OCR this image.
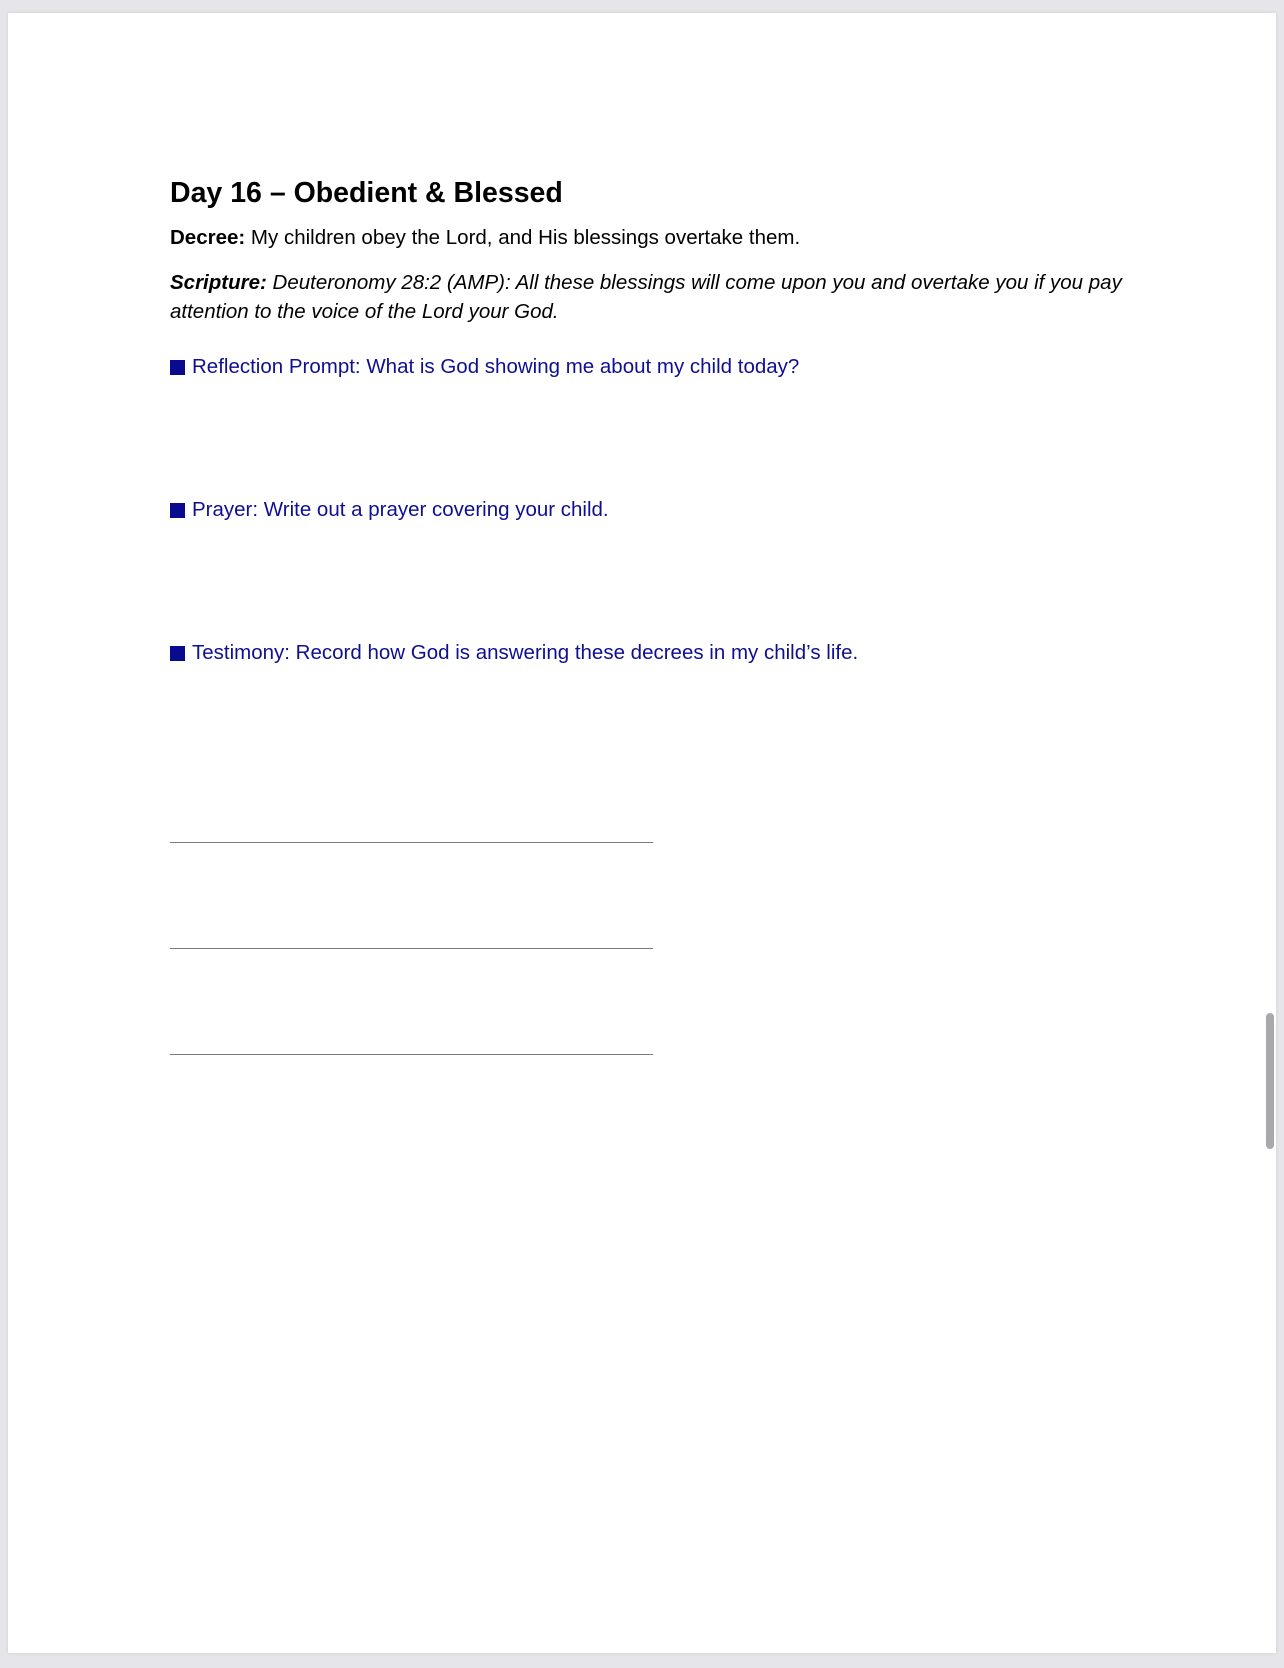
Day 16 – Obedient & Blessed
Decree: My children obey the Lord, and His blessings overtake them.
Scripture: Deuteronomy 28:2 (AMP): All these blessings will come upon you and overtake you if you pay attention to the voice of the Lord your God.
Reflection Prompt: What is God showing me about my child today?
Prayer: Write out a prayer covering your child.
Testimony: Record how God is answering these decrees in my child’s life.
